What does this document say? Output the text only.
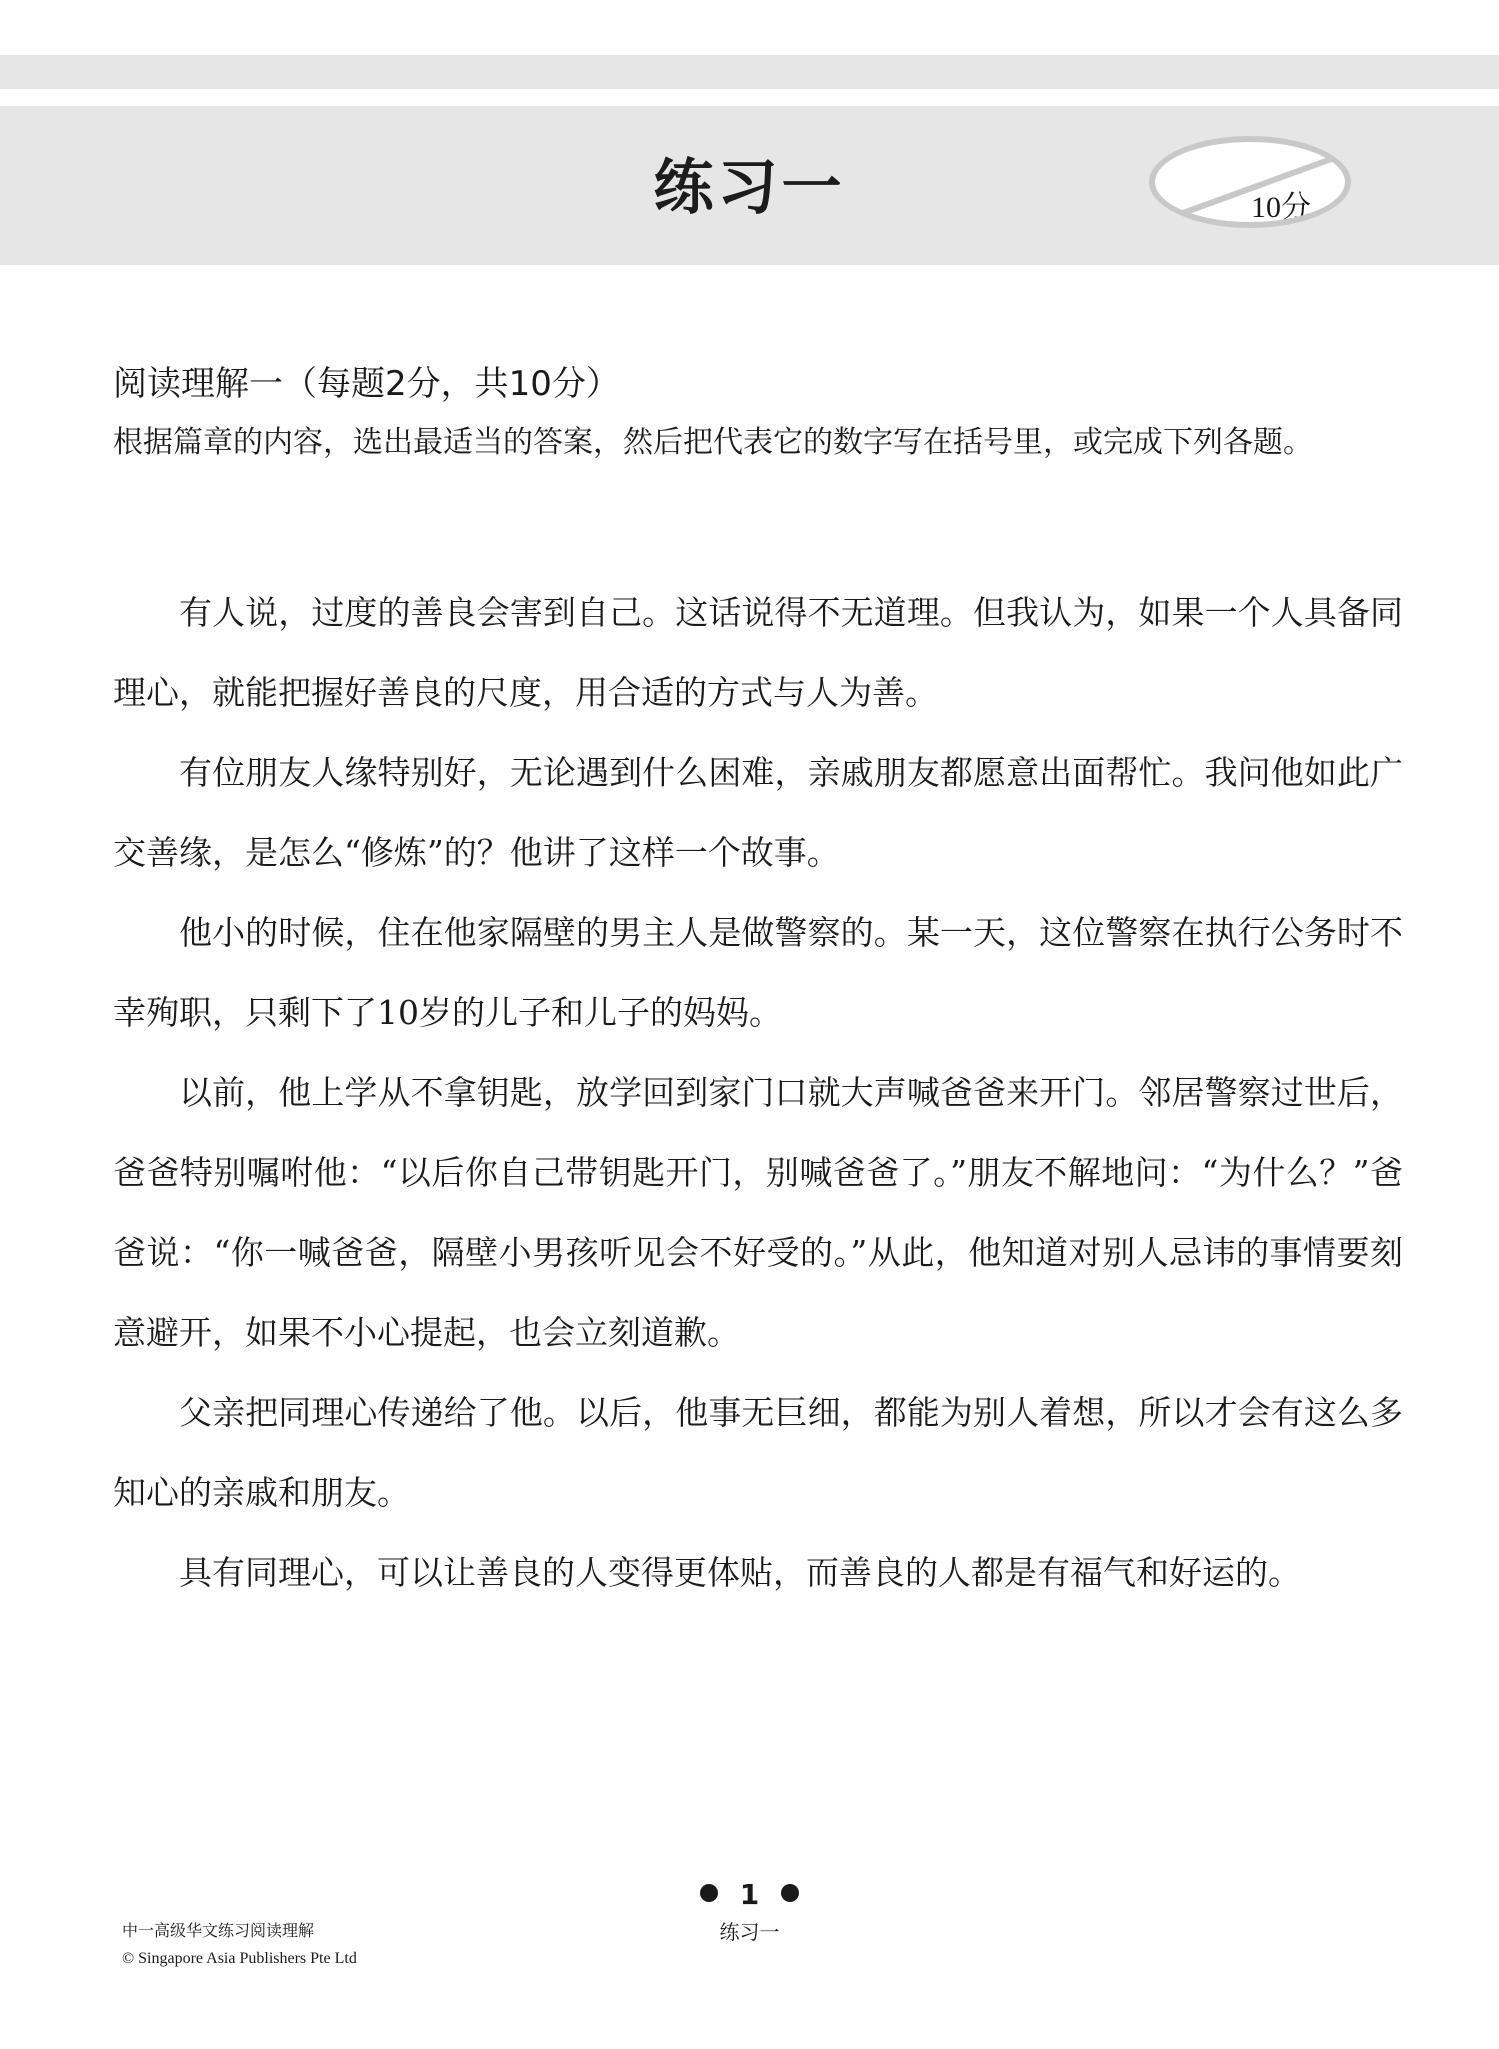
练习一	10分
阅读理解一（每题2分，共10分）
根据篇章的内容，选出最适当的答案，然后把代表它的数字写在括号里，或完成下列各题。

有人说，过度的善良会害到自己。这话说得不无道理。但我认为，如果一个人具备同理心，就能把握好善良的尺度，用合适的方式与人为善。

有位朋友人缘特别好，无论遇到什么困难，亲戚朋友都愿意出面帮忙。我问他如此广交善缘，是怎么“修炼”的？他讲了这样一个故事。

他小的时候，住在他家隔壁的男主人是做警察的。某一天，这位警察在执行公务时不幸殉职，只剩下了10岁的儿子和儿子的妈妈。

以前，他上学从不拿钥匙，放学回到家门口就大声喊爸爸来开门。邻居警察过世后，爸爸特别嘱咐他：“以后你自己带钥匙开门，别喊爸爸了。”朋友不解地问：“为什么？”爸爸说：“你一喊爸爸，隔壁小男孩听见会不好受的。”从此，他知道对别人忌讳的事情要刻意避开，如果不小心提起，也会立刻道歉。

父亲把同理心传递给了他。以后，他事无巨细，都能为别人着想，所以才会有这么多知心的亲戚和朋友。

具有同理心，可以让善良的人变得更体贴，而善良的人都是有福气和好运的。

1
练习一
中一高级华文练习阅读理解
© Singapore Asia Publishers Pte Ltd
